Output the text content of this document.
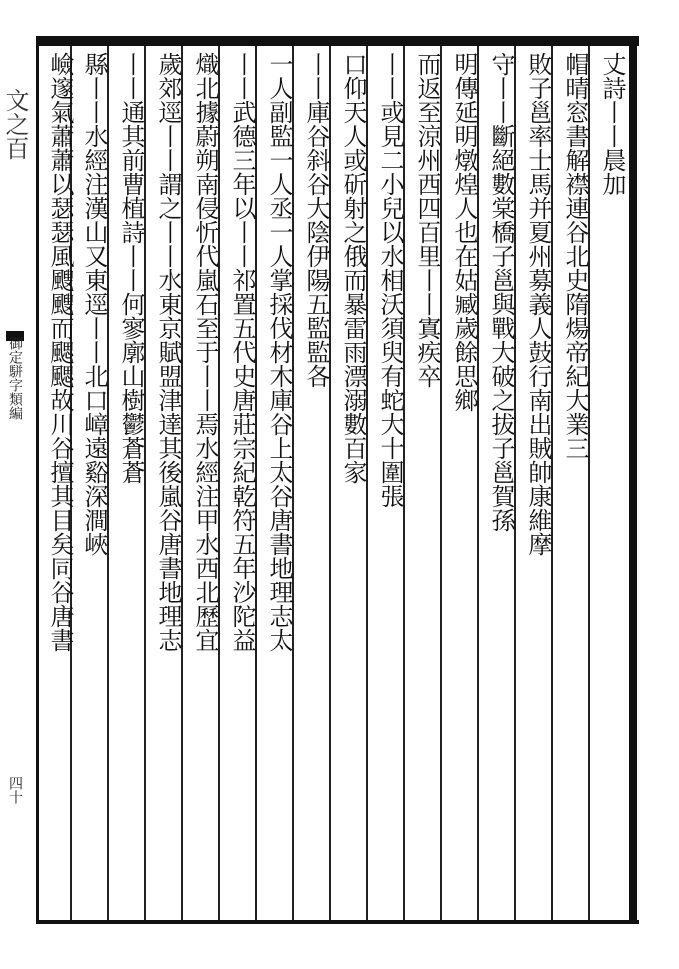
文之百
御定駢字類編
四十
丈詩丨丨晨加
帽晴窓書解襟連谷北史隋煬帝紀大業三
敗子邕率士馬并夏州募義人鼓行南出賊帥康維摩
守丨丨斷絕數棠橋子邕與戰大破之拔子邕賀孫
明傳延明燉煌人也在姑臧歲餘思鄉
而返至涼州西四百里丨丨寘疾卒
丨丨或見二小兒以水相沃須臾有蛇大十圍張
口仰天人或斫射之俄而暴雷雨漂溺數百家
丨丨庫谷斜谷大陰伊陽五監監各
一人副監一人丞一人掌採伐材木庫谷上太谷唐書地理志太
丨丨武德三年以丨丨祁置五代史唐莊宗紀乾符五年沙陀益
熾北據蔚朔南侵忻代嵐石至于丨丨焉水經注甲水西北歷宜
歲郊逕丨丨謂之丨丨水東京賦盟津達其後嵐谷唐書地理志
丨丨通其前曹植詩丨丨何寥廓山樹鬱蒼蒼
縣丨丨水經注漢山又東逕丨丨北口嶂遠谿深澗峽
嶮邃氣蕭蕭以瑟瑟風颼颼而颸颸故川谷擅其目矣同谷唐書
